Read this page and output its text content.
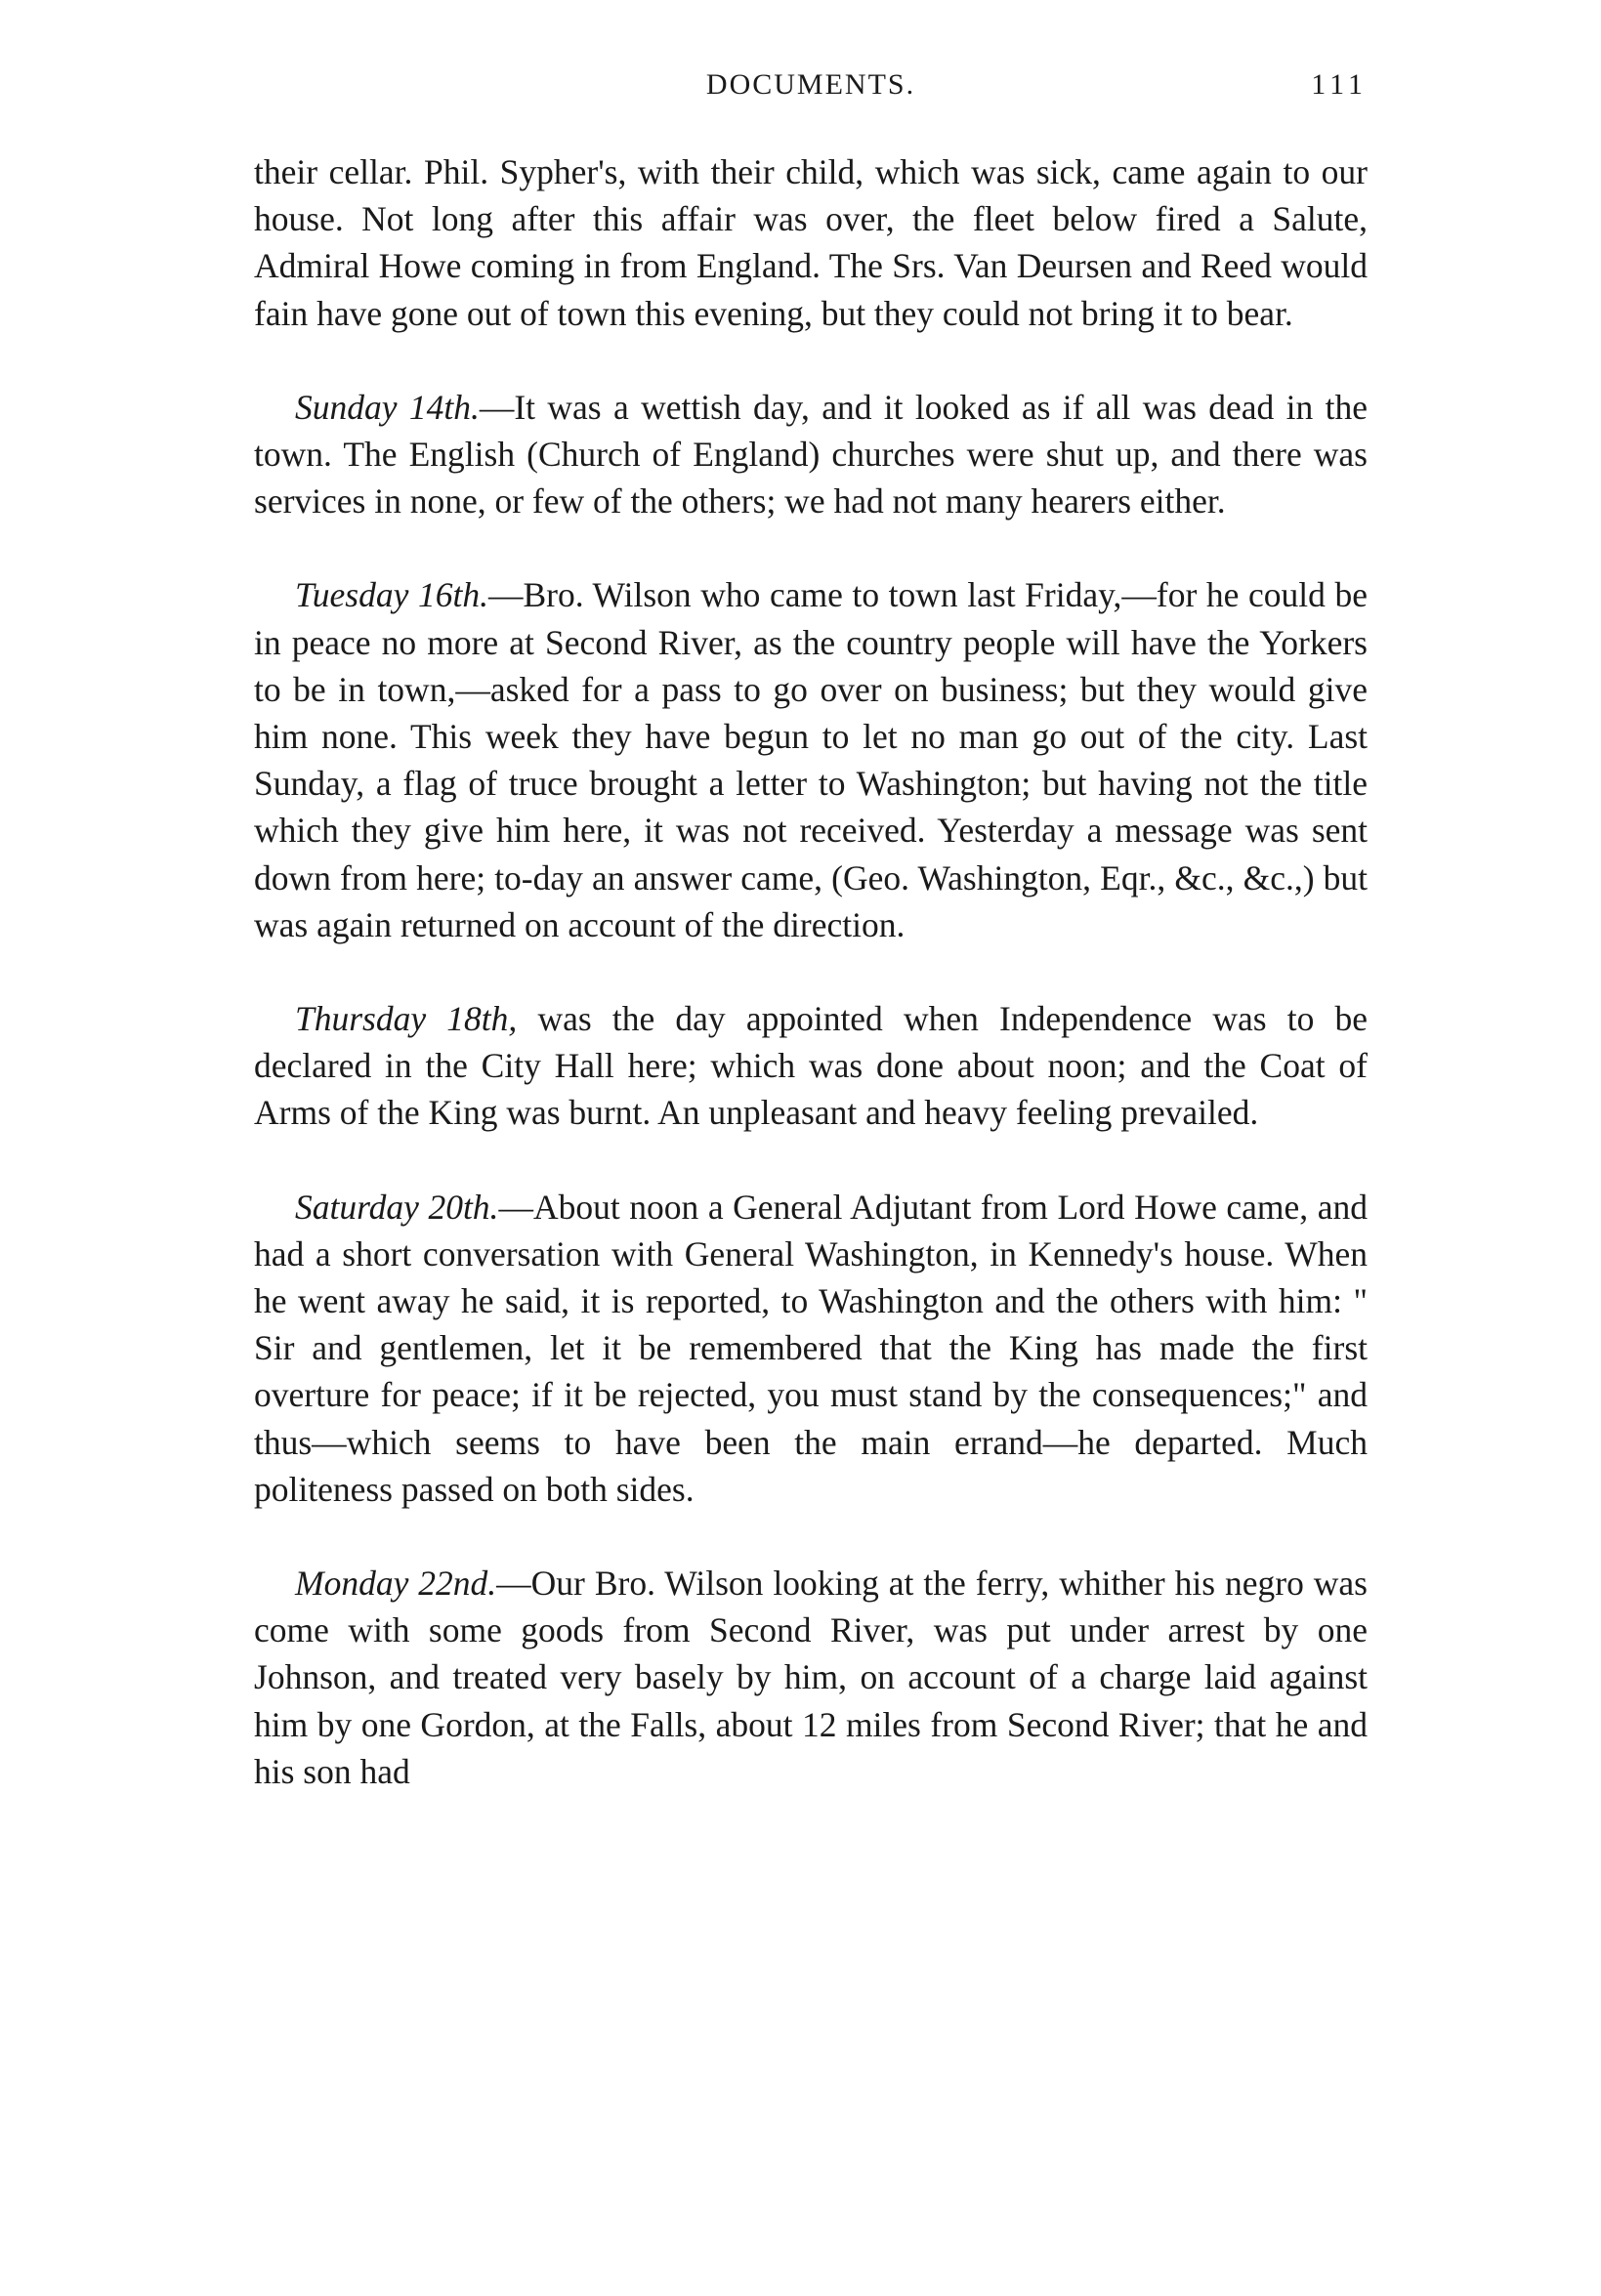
DOCUMENTS.	111

their cellar. Phil. Sypher's, with their child, which was sick, came again to our house. Not long after this affair was over, the fleet below fired a Salute, Admiral Howe coming in from England. The Srs. Van Deursen and Reed would fain have gone out of town this evening, but they could not bring it to bear.

Sunday 14th.—It was a wettish day, and it looked as if all was dead in the town. The English (Church of England) churches were shut up, and there was services in none, or few of the others; we had not many hearers either.

Tuesday 16th.—Bro. Wilson who came to town last Friday,—for he could be in peace no more at Second River, as the country people will have the Yorkers to be in town,—asked for a pass to go over on business; but they would give him none. This week they have begun to let no man go out of the city. Last Sunday, a flag of truce brought a letter to Washington; but having not the title which they give him here, it was not received. Yesterday a message was sent down from here; to-day an answer came, (Geo. Washington, Eqr., &c., &c.,) but was again returned on account of the direction.

Thursday 18th, was the day appointed when Independence was to be declared in the City Hall here; which was done about noon; and the Coat of Arms of the King was burnt. An unpleasant and heavy feeling prevailed.

Saturday 20th.—About noon a General Adjutant from Lord Howe came, and had a short conversation with General Washington, in Kennedy's house. When he went away he said, it is reported, to Washington and the others with him: " Sir and gentlemen, let it be remembered that the King has made the first overture for peace; if it be rejected, you must stand by the consequences;" and thus—which seems to have been the main errand—he departed. Much politeness passed on both sides.

Monday 22nd.—Our Bro. Wilson looking at the ferry, whither his negro was come with some goods from Second River, was put under arrest by one Johnson, and treated very basely by him, on account of a charge laid against him by one Gordon, at the Falls, about 12 miles from Second River; that he and his son had
